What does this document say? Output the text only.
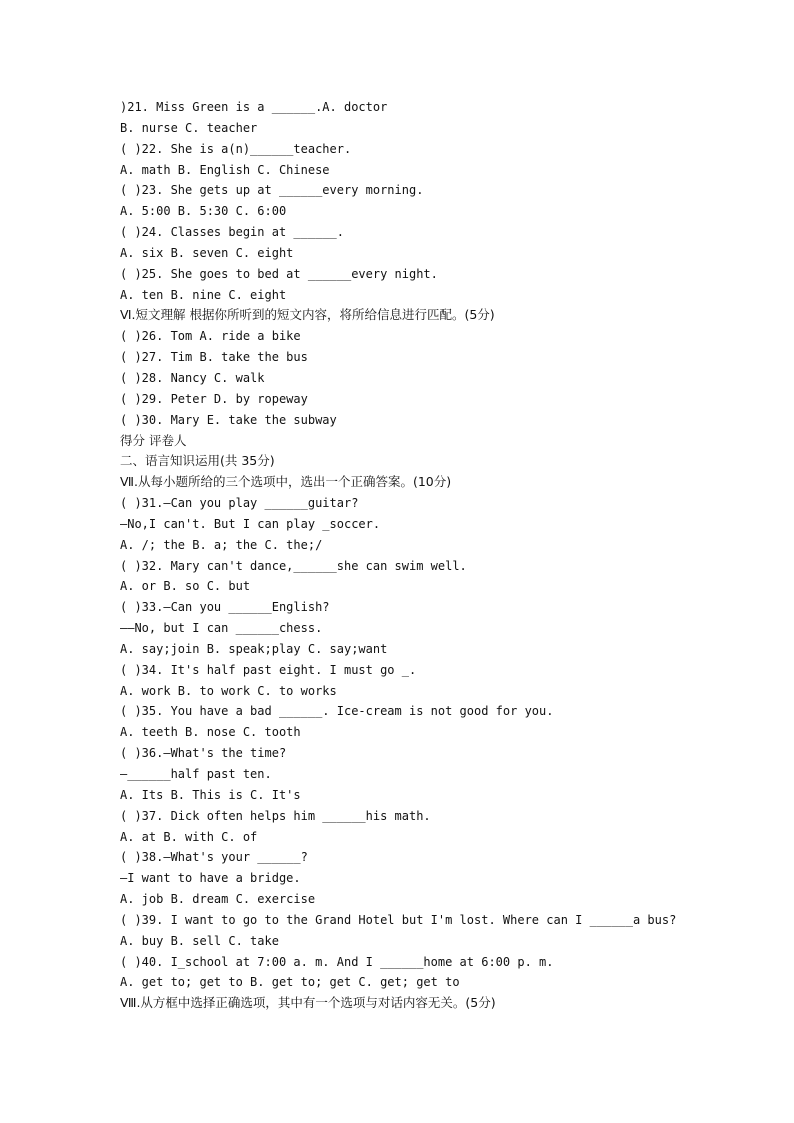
)21. Miss Green is a ______.A. doctor
B. nurse C. teacher
( )22. She is a(n)______teacher.
A. math B. English C. Chinese
( )23. She gets up at ______every morning.
A. 5:00 B. 5:30 C. 6:00
( )24. Classes begin at ______.
A. six B. seven C. eight
( )25. She goes to bed at ______every night.
A. ten B. nine C. eight
Ⅵ.短文理解 根据你所听到的短文内容，将所给信息进行匹配。(5分)
( )26. Tom A. ride a bike
( )27. Tim B. take the bus
( )28. Nancy C. walk
( )29. Peter D. by ropeway
( )30. Mary E. take the subway
得分 评卷人
二、语言知识运用(共 35分)
Ⅶ.从每小题所给的三个选项中，选出一个正确答案。(10分)
( )31.—Can you play ______guitar?
—No,I can't. But I can play _soccer.
A. /; the B. a; the C. the;/
( )32. Mary can't dance,______she can swim well.
A. or B. so C. but
( )33.—Can you ______English?
——No, but I can ______chess.
A. say;join B. speak;play C. say;want
( )34. It's half past eight. I must go _.
A. work B. to work C. to works
( )35. You have a bad ______. Ice-cream is not good for you.
A. teeth B. nose C. tooth
( )36.—What's the time?
—______half past ten.
A. Its B. This is C. It's
( )37. Dick often helps him ______his math.
A. at B. with C. of
( )38.—What's your ______?
—I want to have a bridge.
A. job B. dream C. exercise
( )39. I want to go to the Grand Hotel but I'm lost. Where can I ______a bus?
A. buy B. sell C. take
( )40. I_school at 7:00 a. m. And I ______home at 6:00 p. m.
A. get to; get to B. get to; get C. get; get to
Ⅷ.从方框中选择正确选项，其中有一个选项与对话内容无关。(5分)
